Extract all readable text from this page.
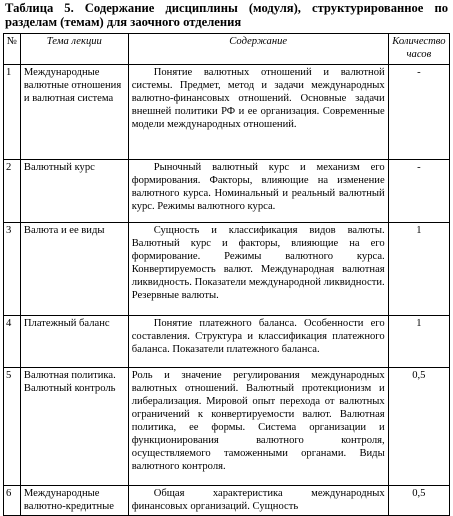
Таблица 5. Содержание дисциплины (модуля), структурированное по разделам (темам) для заочного отделения
№	Тема лекции	Содержание	Количество часов
1	Международные валютные отношения и валютная система	Понятие валютных отношений и валютной системы. Предмет, метод и задачи международных валютно-финансовых отношений. Основные задачи внешней политики РФ и ее организация. Современные модели международных отношений.	-
2	Валютный курс	Рыночный валютный курс и механизм его формирования. Факторы, влияющие на изменение валютного курса. Номинальный и реальный валютный курс. Режимы валютного курса.	-
3	Валюта и ее виды	Сущность и классификация видов валюты. Валютный курс и факторы, влияющие на его формирование. Режимы валютного курса. Конвертируемость валют. Международная валютная ликвидность. Показатели международной ликвидности. Резервные валюты.	1
4	Платежный баланс	Понятие платежного баланса. Особенности его составления. Структура и классификация платежного баланса. Показатели платежного баланса.	1
5	Валютная политика. Валютный контроль	Роль и значение регулирования международных валютных отношений. Валютный протекционизм и либерализация. Мировой опыт перехода от валютных ограничений к конвертируемости валют. Валютная политика, ее формы. Система организации и функционирования валютного контроля, осуществляемого таможенными органами. Виды валютного контроля.	0,5
6	Международные валютно-кредитные	Общая характеристика международных финансовых организаций. Сущность	0,5
